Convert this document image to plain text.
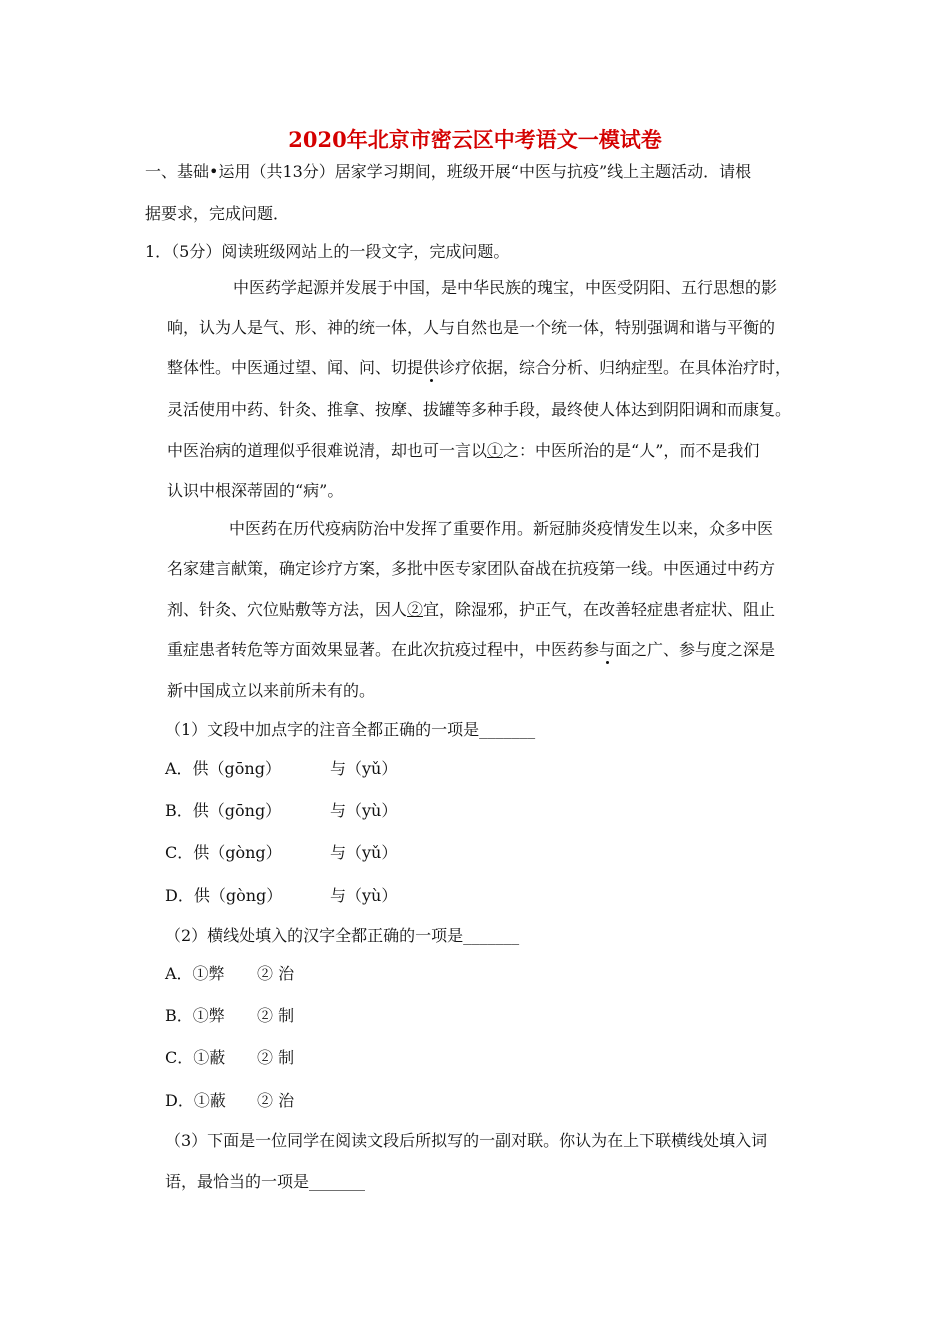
2020年北京市密云区中考语文一模试卷
一、基础•运用（共13分）居家学习期间，班级开展“中医与抗疫”线上主题活动．请根
据要求，完成问题．
1．（5分）阅读班级网站上的一段文字，完成问题。
中医药学起源并发展于中国，是中华民族的瑰宝，中医受阴阳、五行思想的影
响，认为人是气、形、神的统一体，人与自然也是一个统一体，特别强调和谐与平衡的
整体性。中医通过望、闻、问、切提供诊疗依据，综合分析、归纳症型。在具体治疗时，
灵活使用中药、针灸、推拿、按摩、拔罐等多种手段，最终使人体达到阴阳调和而康复。
中医治病的道理似乎很难说清，却也可一言以①之：中医所治的是“人”，而不是我们
认识中根深蒂固的“病”。
中医药在历代疫病防治中发挥了重要作用。新冠肺炎疫情发生以来，众多中医
名家建言献策，确定诊疗方案，多批中医专家团队奋战在抗疫第一线。中医通过中药方
剂、针灸、穴位贴敷等方法，因人②宜，除湿邪，护正气，在改善轻症患者症状、阻止
重症患者转危等方面效果显著。在此次抗疫过程中，中医药参与面之广、参与度之深是
新中国成立以来前所未有的。
（1）文段中加点字的注音全都正确的一项是_______
A．供（gōng）	与（yǔ）
B．供（gōng）	与（yù）
C．供（gòng）	与（yǔ）
D．供（gòng）	与（yù）
（2）横线处填入的汉字全都正确的一项是_______
A．①弊 ② 治
B．①弊 ② 制
C．①蔽 ② 制
D．①蔽 ② 治
（3）下面是一位同学在阅读文段后所拟写的一副对联。你认为在上下联横线处填入词
语，最恰当的一项是_______
